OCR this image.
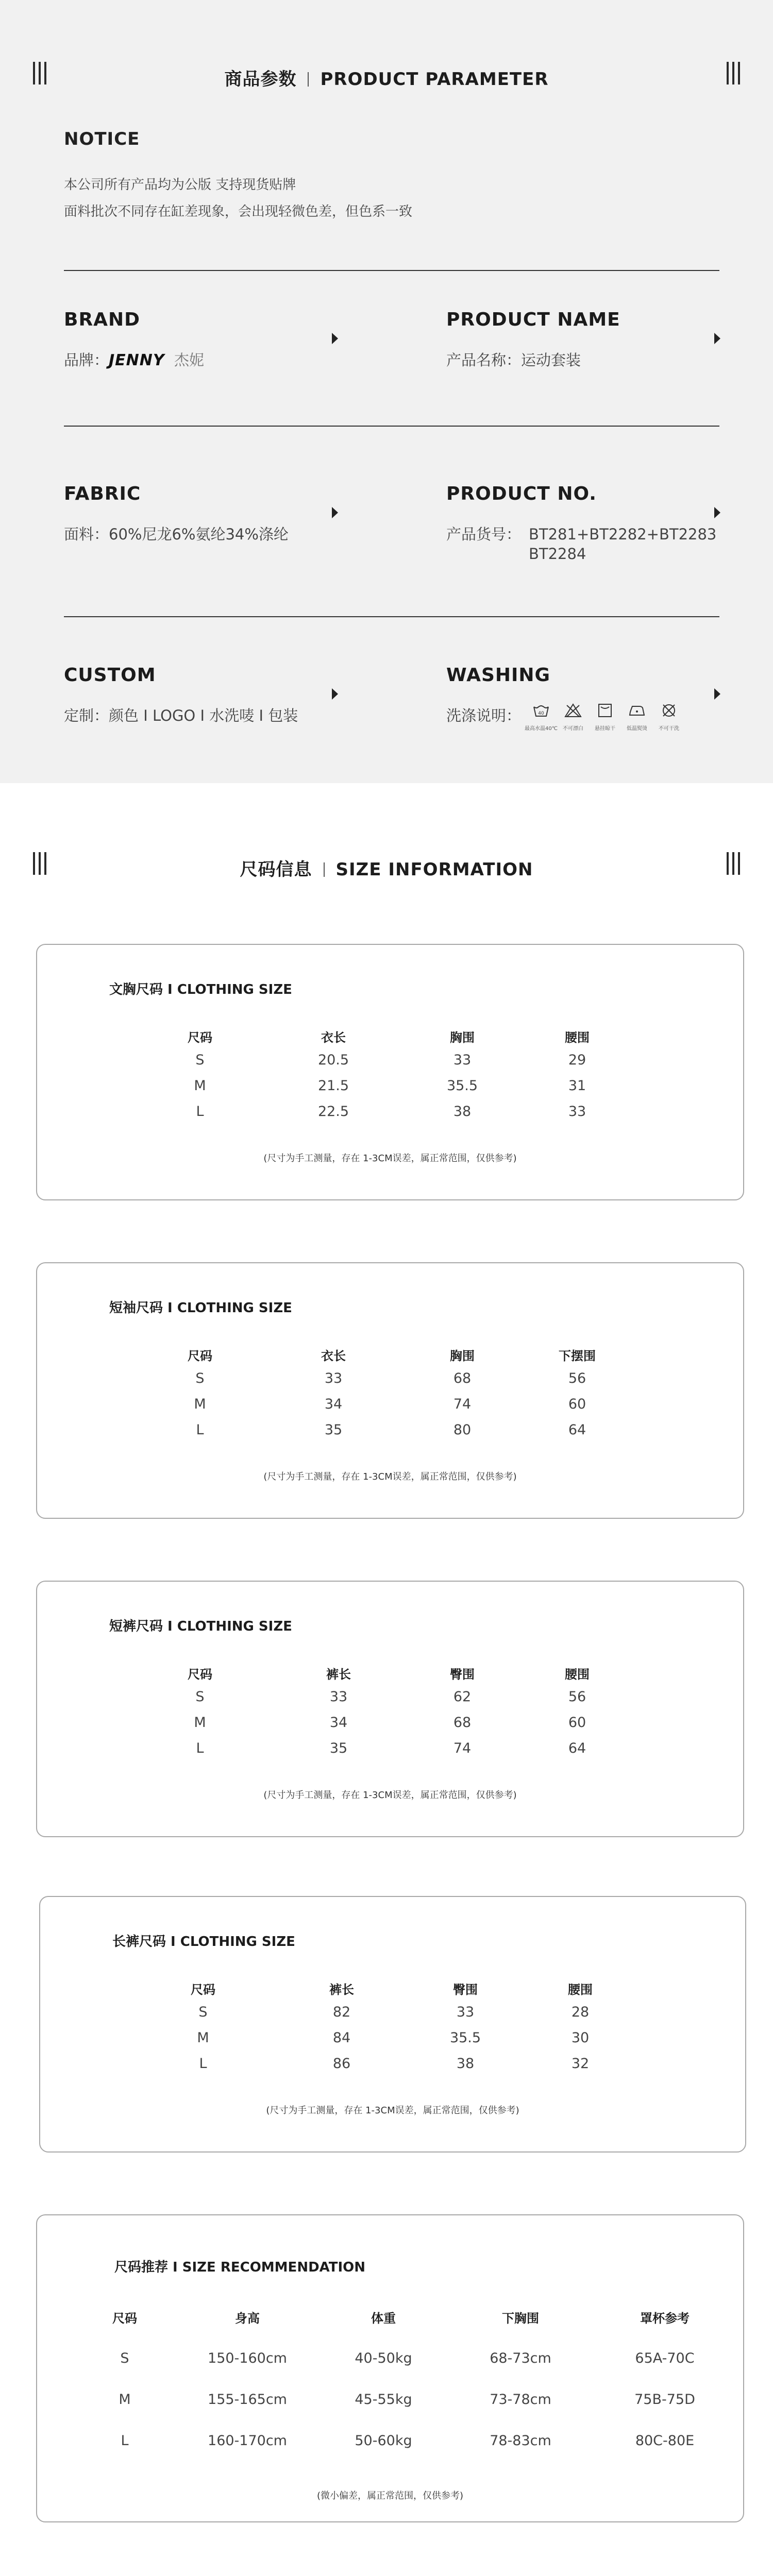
商品参数 PRODUCT PARAMETER
NOTICE
本公司所有产品均为公版 支持现货贴牌
面料批次不同存在缸差现象，会出现轻微色差，但色系一致
BRAND
品牌：JENNY 杰妮
PRODUCT NAME
产品名称：运动套装
FABRIC
面料：60%尼龙6%氨纶34%涤纶
PRODUCT NO.
产品货号： BT281+BT2282+BT2283 BT2284
CUSTOM
定制：颜色 I LOGO I 水洗唛 I 包装
WASHING
洗涤说明：	40
最高水温40℃ 不可漂白 悬挂晾干 低温熨烫 不可干洗
尺码信息 SIZE INFORMATION
文胸尺码 I CLOTHING SIZE
尺码	衣长	胸围	腰围
S	20.5	33	29
M	21.5	35.5	31
L	22.5	38	33
(尺寸为手工测量，存在 1-3CM误差，属正常范围，仅供参考)
短袖尺码 I CLOTHING SIZE
尺码	衣长	胸围	下摆围
S	33	68	56
M	34	74	60
L	35	80	64
(尺寸为手工测量，存在 1-3CM误差，属正常范围，仅供参考)
短裤尺码 I CLOTHING SIZE
尺码	裤长	臀围	腰围
S	33	62	56
M	34	68	60
L	35	74	64
(尺寸为手工测量，存在 1-3CM误差，属正常范围，仅供参考)
长裤尺码 I CLOTHING SIZE
尺码	裤长	臀围	腰围
S	82	33	28
M	84	35.5	30
L	86	38	32
(尺寸为手工测量，存在 1-3CM误差，属正常范围，仅供参考)
尺码推荐 I SIZE RECOMMENDATION
尺码	身高	体重	下胸围	罩杯参考
S	150-160cm	40-50kg	68-73cm	65A-70C
M	155-165cm	45-55kg	73-78cm	75B-75D
L	160-170cm	50-60kg	78-83cm	80C-80E
(微小偏差，属正常范围，仅供参考)
